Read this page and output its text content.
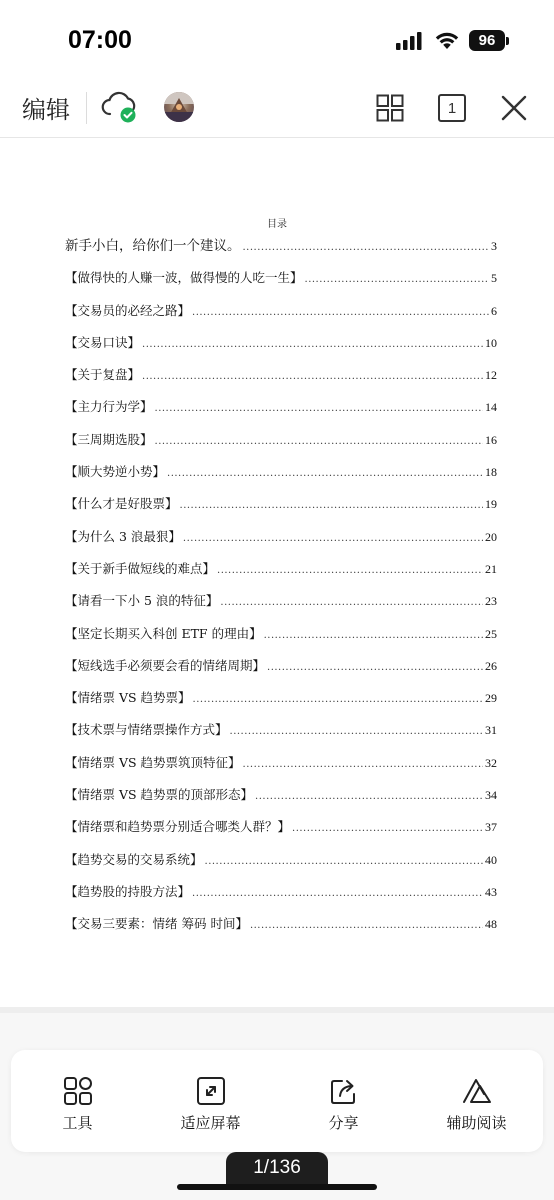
07:00	96
编辑	1
目录
新手小白，给你们一个建议。 .....	3
【做得快的人赚一波，做得慢的人吃一生】 .....	5
【交易员的必经之路】 .....	6
【交易口诀】 .....	10
【关于复盘】 .....	12
【主力行为学】 .....	14
【三周期选股】 .....	16
【顺大势逆小势】 .....	18
【什么才是好股票】 .....	19
【为什么 3 浪最狠】 .....	20
【关于新手做短线的难点】 .....	21
【请看一下小 5 浪的特征】 .....	23
【坚定长期买入科创 ETF 的理由】 .....	25
【短线选手必须要会看的情绪周期】 .....	26
【情绪票 VS 趋势票】 .....	29
【技术票与情绪票操作方式】 .....	31
【情绪票 VS 趋势票筑顶特征】 .....	32
【情绪票 VS 趋势票的顶部形态】 .....	34
【情绪票和趋势票分别适合哪类人群？】 .....	37
【趋势交易的交易系统】 .....	40
【趋势股的持股方法】 .....	43
【交易三要素：情绪 筹码 时间】 .....	48
工具	适应屏幕	分享	辅助阅读
1/136
